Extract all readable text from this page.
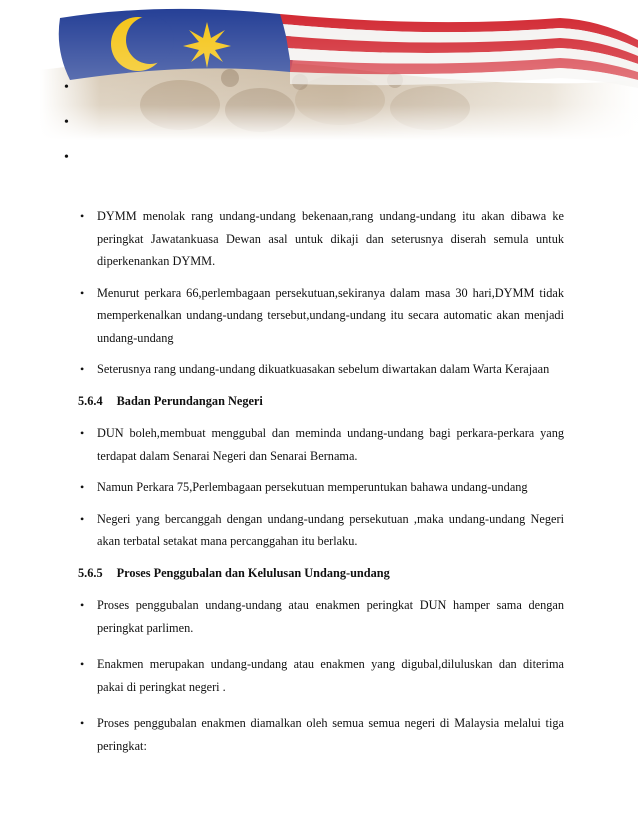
•
•
•
• DYMM menolak rang undang-undang bekenaan,rang undang-undang itu akan dibawa ke peringkat Jawatankuasa Dewan asal untuk dikaji dan seterusnya diserah semula untuk diperkenankan DYMM.
• Menurut perkara 66,perlembagaan persekutuan,sekiranya dalam masa 30 hari,DYMM tidak memperkenalkan undang-undang tersebut,undang-undang itu secara automatic akan menjadi undang-undang
• Seterusnya rang undang-undang dikuatkuasakan sebelum diwartakan dalam Warta Kerajaan
5.6.4 Badan Perundangan Negeri
• DUN boleh,membuat menggubal dan meminda undang-undang bagi perkara-perkara yang terdapat dalam Senarai Negeri dan Senarai Bernama.
• Namun Perkara 75,Perlembagaan persekutuan memperuntukan bahawa undang-undang
• Negeri yang bercanggah dengan undang-undang persekutuan ,maka undang-undang Negeri akan terbatal setakat mana percanggahan itu berlaku.
5.6.5 Proses Penggubalan dan Kelulusan Undang-undang
• Proses penggubalan undang-undang atau enakmen peringkat DUN hamper sama dengan peringkat parlimen.
• Enakmen merupakan undang-undang atau enakmen yang digubal,diluluskan dan diterima pakai di peringkat negeri .
• Proses penggubalan enakmen diamalkan oleh semua semua negeri di Malaysia melalui tiga peringkat:
